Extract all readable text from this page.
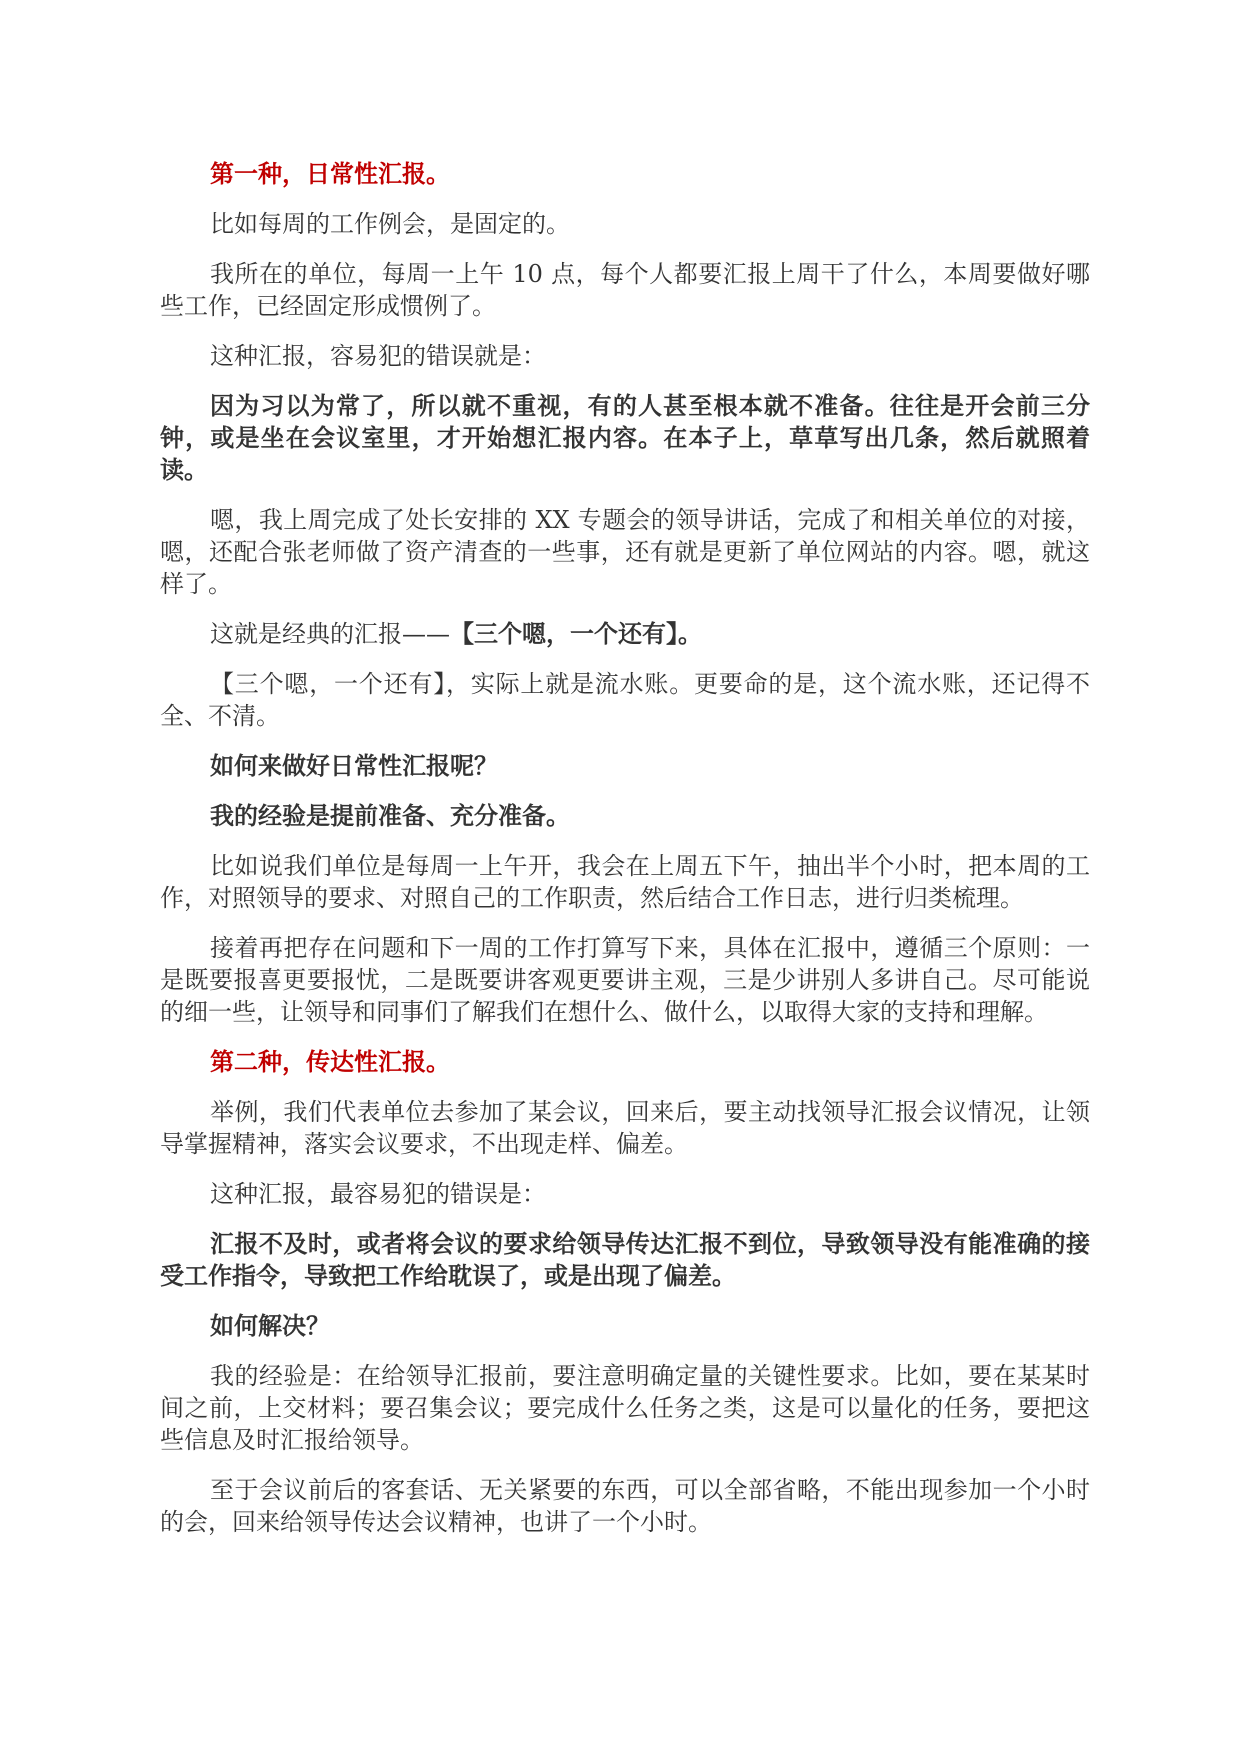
第一种，日常性汇报。

比如每周的工作例会，是固定的。

我所在的单位，每周一上午 10 点，每个人都要汇报上周干了什么，本周要做好哪些工作，已经固定形成惯例了。

这种汇报，容易犯的错误就是：

因为习以为常了，所以就不重视，有的人甚至根本就不准备。往往是开会前三分钟，或是坐在会议室里，才开始想汇报内容。在本子上，草草写出几条，然后就照着读。

嗯，我上周完成了处长安排的 XX 专题会的领导讲话，完成了和相关单位的对接，嗯，还配合张老师做了资产清查的一些事，还有就是更新了单位网站的内容。嗯，就这样了。

这就是经典的汇报——【三个嗯，一个还有】。

【三个嗯，一个还有】，实际上就是流水账。更要命的是，这个流水账，还记得不全、不清。

如何来做好日常性汇报呢？

我的经验是提前准备、充分准备。

比如说我们单位是每周一上午开，我会在上周五下午，抽出半个小时，把本周的工作，对照领导的要求、对照自己的工作职责，然后结合工作日志，进行归类梳理。

接着再把存在问题和下一周的工作打算写下来，具体在汇报中，遵循三个原则：一是既要报喜更要报忧，二是既要讲客观更要讲主观，三是少讲别人多讲自己。尽可能说的细一些，让领导和同事们了解我们在想什么、做什么，以取得大家的支持和理解。

第二种，传达性汇报。

举例，我们代表单位去参加了某会议，回来后，要主动找领导汇报会议情况，让领导掌握精神，落实会议要求，不出现走样、偏差。

这种汇报，最容易犯的错误是：

汇报不及时，或者将会议的要求给领导传达汇报不到位，导致领导没有能准确的接受工作指令，导致把工作给耽误了，或是出现了偏差。

如何解决？

我的经验是：在给领导汇报前，要注意明确定量的关键性要求。比如，要在某某时间之前，上交材料；要召集会议；要完成什么任务之类，这是可以量化的任务，要把这些信息及时汇报给领导。

至于会议前后的客套话、无关紧要的东西，可以全部省略，不能出现参加一个小时的会，回来给领导传达会议精神，也讲了一个小时。
